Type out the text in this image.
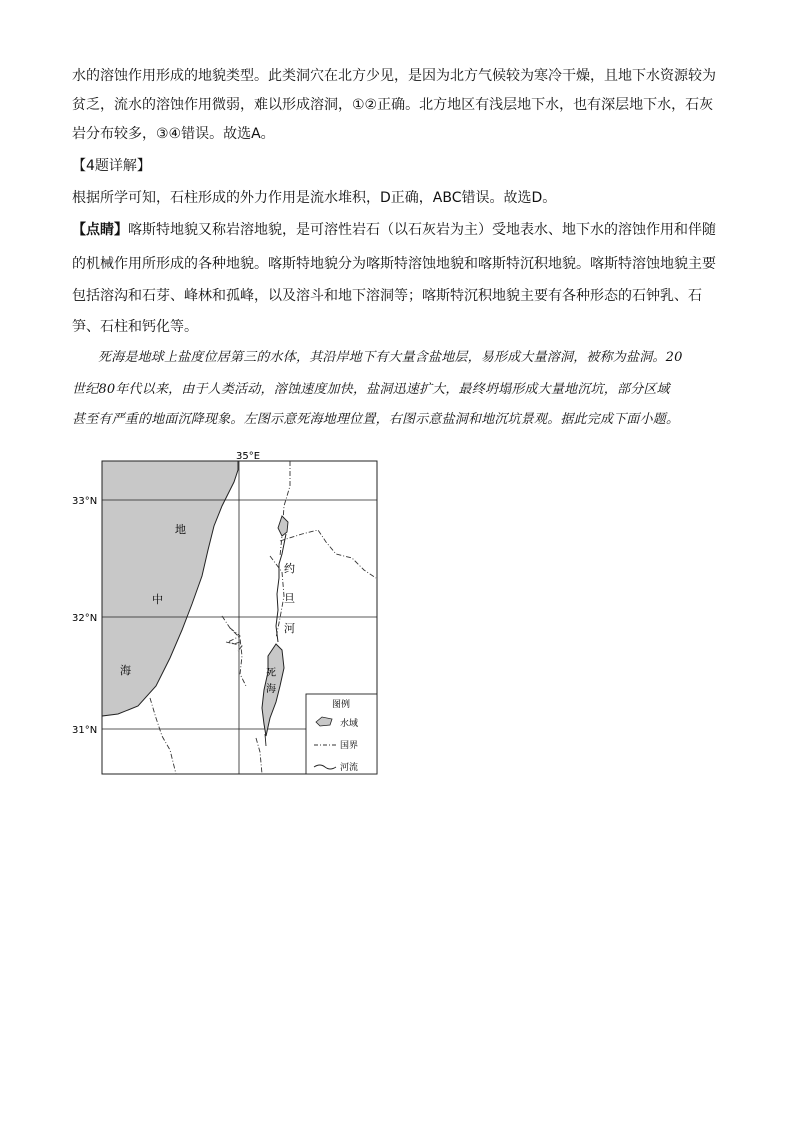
水的溶蚀作用形成的地貌类型。此类洞穴在北方少见，是因为北方气候较为寒冷干燥，且地下水资源较为

贫乏，流水的溶蚀作用微弱，难以形成溶洞，①②正确。北方地区有浅层地下水，也有深层地下水，石灰

岩分布较多，③④错误。故选A。

【4题详解】

根据所学可知，石柱形成的外力作用是流水堆积，D正确，ABC错误。故选D。

【点睛】喀斯特地貌又称岩溶地貌，是可溶性岩石（以石灰岩为主）受地表水、地下水的溶蚀作用和伴随

的机械作用所形成的各种地貌。喀斯特地貌分为喀斯特溶蚀地貌和喀斯特沉积地貌。喀斯特溶蚀地貌主要

包括溶沟和石芽、峰林和孤峰，以及溶斗和地下溶洞等；喀斯特沉积地貌主要有各种形态的石钟乳、石

笋、石柱和钙化等。

死海是地球上盐度位居第三的水体，其沿岸地下有大量含盐地层，易形成大量溶洞，被称为盐洞。20

世纪80年代以来，由于人类活动，溶蚀速度加快，盐洞迅速扩大，最终坍塌形成大量地沉坑，部分区域

甚至有严重的地面沉降现象。左图示意死海地理位置，右图示意盐洞和地沉坑景观。据此完成下面小题。

35°E
33°N
32°N
31°N
地
中
海
约
旦
河
死
海
图例
水域
国界
河流
